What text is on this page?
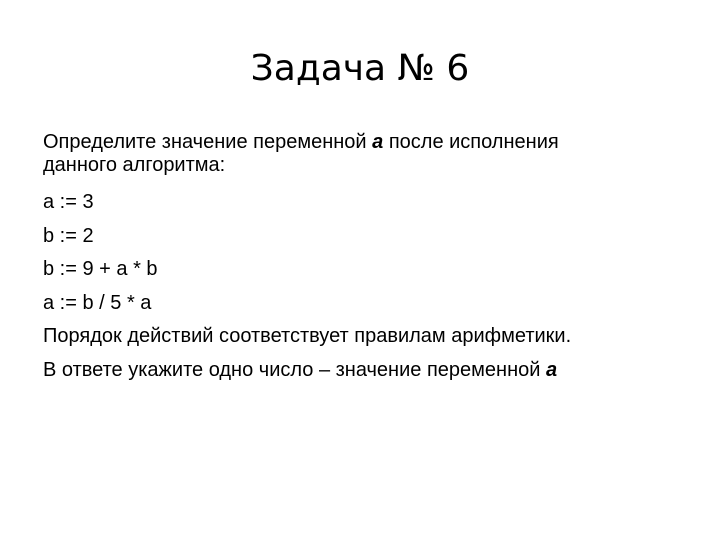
Задача № 6

Определите значение переменной a после исполнения

данного алгоритма:

a := 3

b := 2

b := 9 + a * b

a := b / 5 * a

Порядок действий соответствует правилам арифметики.

В ответе укажите одно число – значение переменной a
